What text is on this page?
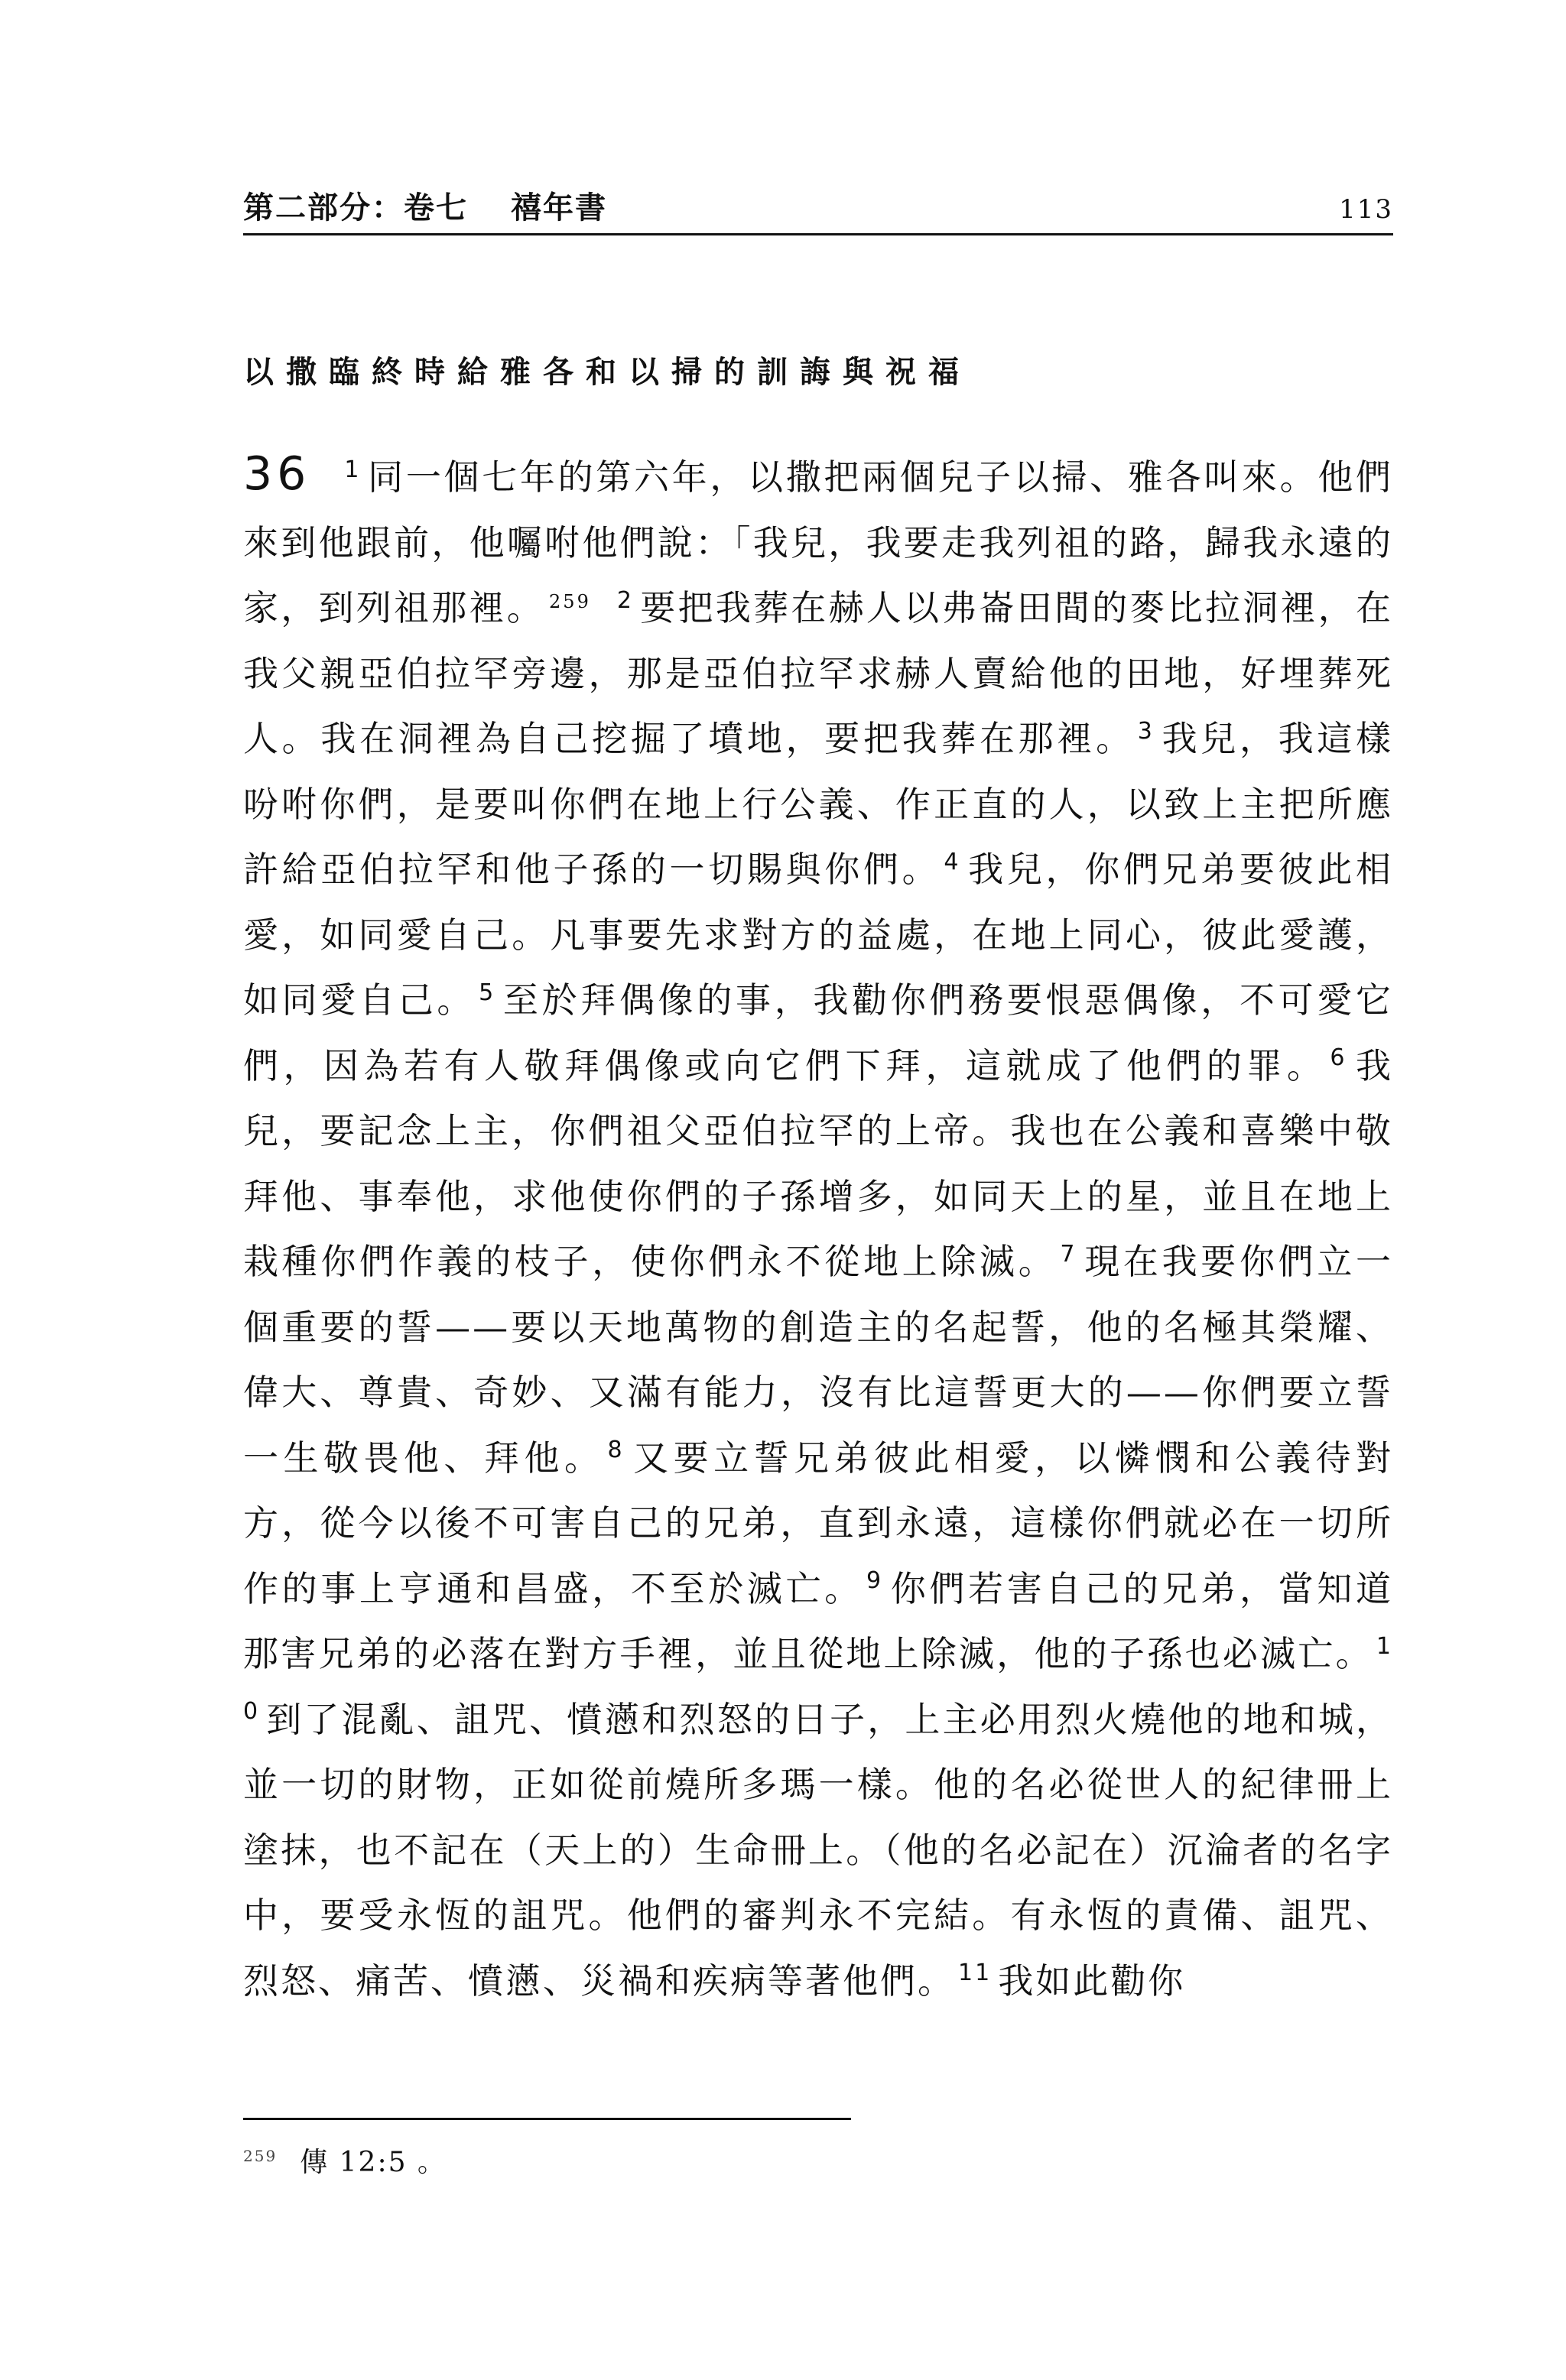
第二部分：卷七 禧年書	113
以撒臨終時給雅各和以掃的訓誨與祝福
36 $^1$ 同一個七年的第六年，以撒把兩個兒子以掃、雅各叫來。他們來到他跟前，他囑咐他們說：「我兒，我要走我列祖的路，歸我永遠的家，到列祖那裡。 $^{259}$ $^2$ 要把我葬在赫人以弗崙田間的麥比拉洞裡，在我父親亞伯拉罕旁邊，那是亞伯拉罕求赫人賣給他的田地，好埋葬死人。我在洞裡為自己挖掘了墳地，要把我葬在那裡。 $^3$ 我兒，我這樣吩咐你們，是要叫你們在地上行公義、作正直的人，以致上主把所應許給亞伯拉罕和他子孫的一切賜與你們。 $^4$ 我兒，你們兄弟要彼此相愛，如同愛自己。凡事要先求對方的益處，在地上同心，彼此愛護，如同愛自己。 $^5$ 至於拜偶像的事，我勸你們務要恨惡偶像，不可愛它們，因為若有人敬拜偶像或向它們下拜，這就成了他們的罪。 $^6$ 我兒，要記念上主，你們祖父亞伯拉罕的上帝。我也在公義和喜樂中敬拜他、事奉他，求他使你們的子孫增多，如同天上的星，並且在地上栽種你們作義的枝子，使你們永不從地上除滅。 $^7$ 現在我要你們立一個重要的誓——要以天地萬物的創造主的名起誓，他的名極其榮耀、偉大、尊貴、奇妙、又滿有能力，沒有比這誓更大的——你們要立誓一生敬畏他、拜他。 $^8$ 又要立誓兄弟彼此相愛，以憐憫和公義待對方，從今以後不可害自己的兄弟，直到永遠，這樣你們就必在一切所作的事上亨通和昌盛，不至於滅亡。 $^9$ 你們若害自己的兄弟，當知道那害兄弟的必落在對方手裡，並且從地上除滅，他的子孫也必滅亡。 $^{10}$ 到了混亂、詛咒、憤懣和烈怒的日子，上主必用烈火燒他的地和城，並一切的財物，正如從前燒所多瑪一樣。他的名必從世人的紀律冊上塗抹，也不記在（天上的）生命冊上。（他的名必記在）沉淪者的名字中，要受永恆的詛咒。他們的審判永不完結。有永恆的責備、詛咒、烈怒、痛苦、憤懣、災禍和疾病等著他們。 $^{11}$ 我如此勸你
$^{259}$ 傳 12:5 。
